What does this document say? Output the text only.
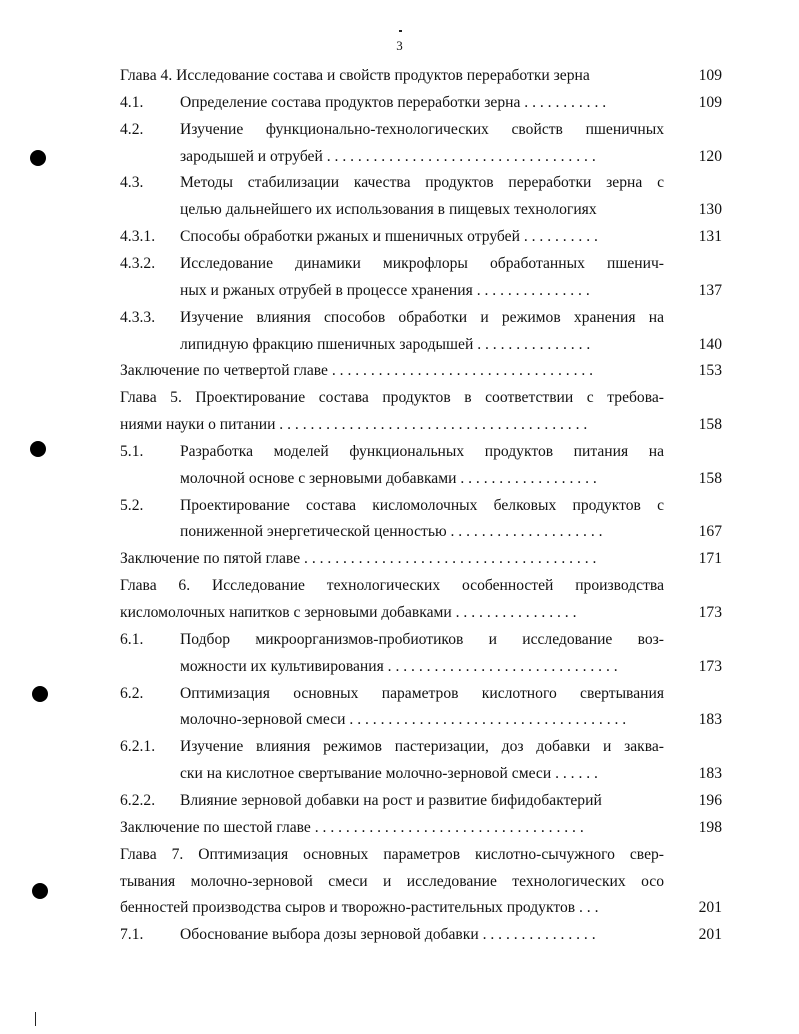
3
Глава 4. Исследование состава и свойств продуктов переработки зерна	109
4.1. Определение состава продуктов переработки зерна . . . . . . . . . . .	109
4.2. Изучение функционально-технологических свойств пшеничных
зародышей и отрубей . . . . . . . . . . . . . . . . . . . . . . . . . . . . . . . . . . .	120
4.3. Методы стабилизации качества продуктов переработки зерна с
целью дальнейшего их использования в пищевых технологиях	130
4.3.1. Способы обработки ржаных и пшеничных отрубей . . . . . . . . . .	131
4.3.2. Исследование динамики микрофлоры обработанных пшенич-
ных и ржаных отрубей в процессе хранения . . . . . . . . . . . . . . .	137
4.3.3. Изучение влияния способов обработки и режимов хранения на
липидную фракцию пшеничных зародышей . . . . . . . . . . . . . . .	140
Заключение по четвертой главе . . . . . . . . . . . . . . . . . . . . . . . . . . . . . . . . . .	153
Глава 5. Проектирование состава продуктов в соответствии с требова-
ниями науки о питании . . . . . . . . . . . . . . . . . . . . . . . . . . . . . . . . . . . . . . . .	158
5.1. Разработка моделей функциональных продуктов питания на
молочной основе с зерновыми добавками . . . . . . . . . . . . . . . . . .	158
5.2. Проектирование состава кисломолочных белковых продуктов с
пониженной энергетической ценностью . . . . . . . . . . . . . . . . . . . .	167
Заключение по пятой главе . . . . . . . . . . . . . . . . . . . . . . . . . . . . . . . . . . . . . .	171
Глава 6. Исследование технологических особенностей производства
кисломолочных напитков с зерновыми добавками . . . . . . . . . . . . . . . .	173
6.1. Подбор микроорганизмов-пробиотиков и исследование воз-
можности их культивирования . . . . . . . . . . . . . . . . . . . . . . . . . . . . . .	173
6.2. Оптимизация основных параметров кислотного свертывания
молочно-зерновой смеси . . . . . . . . . . . . . . . . . . . . . . . . . . . . . . . . . . . .	183
6.2.1. Изучение влияния режимов пастеризации, доз добавки и заква-
ски на кислотное свертывание молочно-зерновой смеси . . . . . .	183
6.2.2. Влияние зерновой добавки на рост и развитие бифидобактерий	196
Заключение по шестой главе . . . . . . . . . . . . . . . . . . . . . . . . . . . . . . . . . . .	198
Глава 7. Оптимизация основных параметров кислотно-сычужного свер-
тывания молочно-зерновой смеси и исследование технологических осо
бенностей производства сыров и творожно-растительных продуктов . . .	201
7.1. Обоснование выбора дозы зерновой добавки . . . . . . . . . . . . . . .	201
